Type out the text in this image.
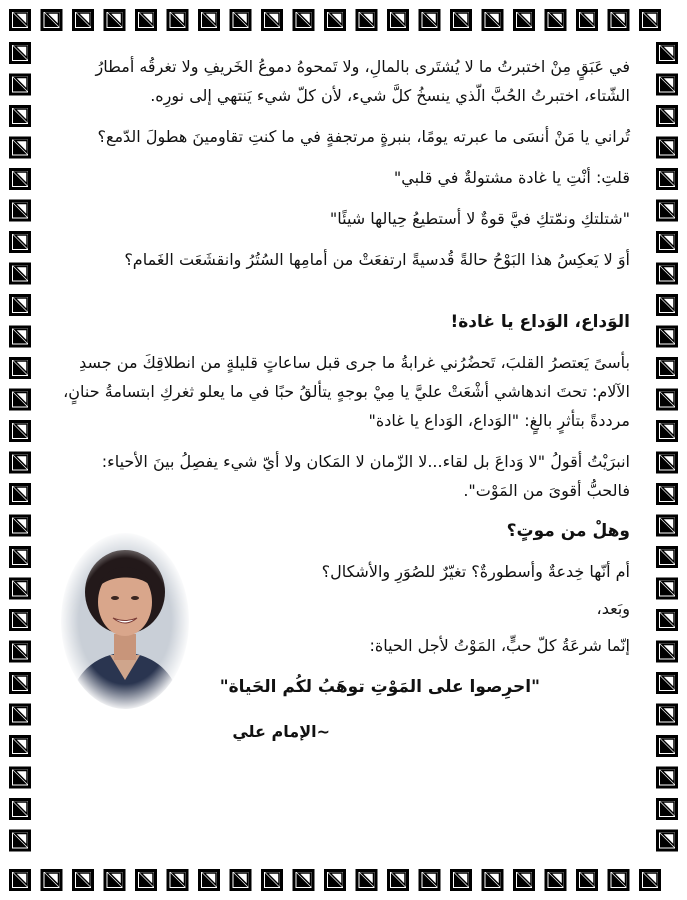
في عَبَقٍ مِنْ اختبرتُ ما لا يُشتَرى بالمالِ، ولا تَمحوهُ دموعُ الخَريفِ ولا تغرقُه أمطارُ الشّتاء، اختبرتُ الحُبَّ الّذي ينسخُ كلَّ شيء، لأن كلّ شيء يَنتهي إلى نورِه.

تُراني يا مَنْ أنسَى ما عبرته يومًا، بنبرةٍ مرتجفةٍ في ما كنتِ تقاومينَ هطولَ الدّمع؟

قلتِ: أنْتِ يا غادة مشتولةٌ في قلبي"

"شتلتكِ ونمّتكِ فيَّ قوةٌ لا أستطيعُ حِيالها شيئًا"

أوَ لا يَعكِسُ هذا البَوْحُ حالةً قُدسيةً ارتفعَتْ من أمامِها السُتُرُ وانقشَعَت الغَمام؟

الوَداع، الوَداع يا غادة!

بأسىً يَعتصرُ القلبَ، تَحضُرُني غرابةُ ما جرى قبل ساعاتٍ قليلةٍ من انطلاقِكَ من جسدِ الآلام: تحتَ اندهاشي أشْعَتْ عليَّ يا مِيْ بوجهٍ يتألقُ حبًا في ما يعلو ثغركِ ابتسامةُ حنانٍ، مرددةً بتأثرٍ بالغٍ: "الوَداع، الوَداع يا غادة"

انبرَيْتُ أقولُ "لا وَداعَ بل لقاء...لا الزّمان لا المَكان ولا أيّ شيء يفصِلُ بينَ الأحياء: فالحبُّ أقوىَ من المَوْت".

وهلْ من موتٍ؟

أم أنّها خِدعةٌ وأسطورةٌ؟ تغيّرٌ للصُوَرِ والأشكال؟

وبَعد،

إنّما شرعَةُ كلّ حبٍّ، المَوْتُ لأجل الحياة:

"احرِصوا على المَوْتِ توهَبُ لكُم الحَياة"

~الإمام علي
